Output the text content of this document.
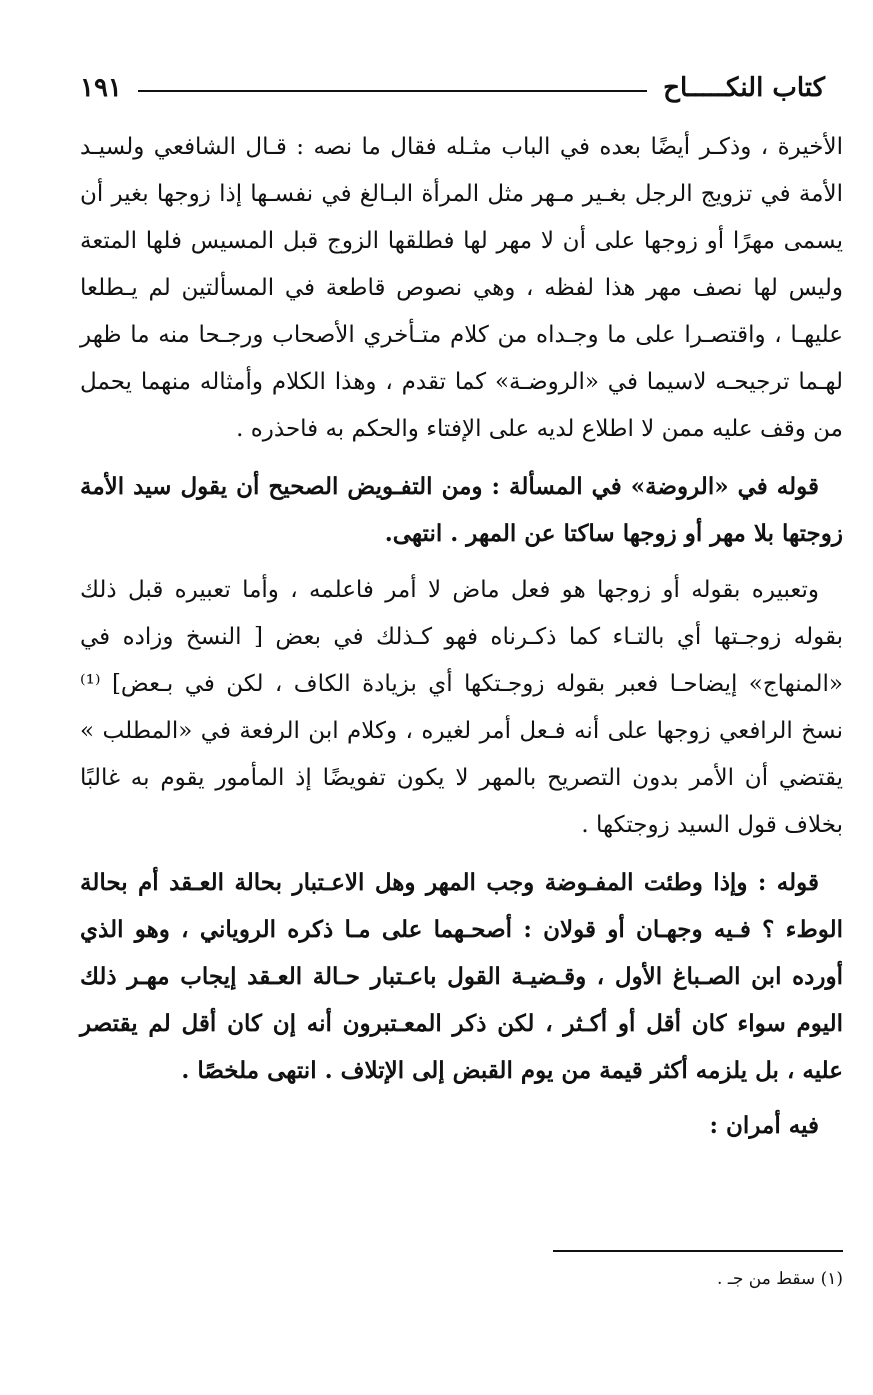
كتاب النكـــــاح
١٩١

الأخيرة ، وذكـر أيضًا بعده في الباب مثـله فقال ما نصه : قـال الشافعي ولسيـد الأمة في تزويج الرجل بغـير مـهر مثل المرأة البـالغ في نفسـها إذا زوجها بغير أن يسمى مهرًا أو زوجها على أن لا مهر لها فطلقها الزوج قبل المسيس فلها المتعة وليس لها نصف مهر هذا لفظه ، وهي نصوص قاطعة في المسألتين لم يـطلعا عليهـا ، واقتصـرا على ما وجـداه من كلام متـأخري الأصحاب ورجـحا منه ما ظهر لهـما ترجيحـه لاسيما في «الروضـة» كما تقدم ، وهذا الكلام وأمثاله منهما يحمل من وقف عليه ممن لا اطلاع لديه على الإفتاء والحكم به فاحذره .

قوله في «الروضة» في المسألة : ومن التفـويض الصحيح أن يقول سيد الأمة زوجتها بلا مهر أو زوجها ساكتا عن المهر . انتهى.

وتعبيره بقوله أو زوجها هو فعل ماض لا أمر فاعلمه ، وأما تعبيره قبل ذلك بقوله زوجـتها أي بالتـاء كما ذكـرناه فهو كـذلك في بعض [ النسخ وزاده في «المنهاج» إيضاحـا فعبر بقوله زوجـتكها أي بزيادة الكاف ، لكن في بـعض] ⁽¹⁾ نسخ الرافعي زوجها على أنه فـعل أمر لغيره ، وكلام ابن الرفعة في «المطلب » يقتضي أن الأمر بدون التصريح بالمهر لا يكون تفويضًا إذ المأمور يقوم به غالبًا بخلاف قول السيد زوجتكها .

قوله : وإذا وطئت المفـوضة وجب المهر وهل الاعـتبار بحالة العـقد أم بحالة الوطء ؟ فـيه وجهـان أو قولان : أصحـهما على مـا ذكره الروياني ، وهو الذي أورده ابن الصـباغ الأول ، وقـضيـة القول باعـتبار حـالة العـقد إيجاب مهـر ذلك اليوم سواء كان أقل أو أكـثر ، لكن ذكر المعـتبرون أنه إن كان أقل لم يقتصر عليه ، بل يلزمه أكثر قيمة من يوم القبض إلى الإتلاف . انتهى ملخصًا .

فيه أمران :

(١) سقط من جـ .
